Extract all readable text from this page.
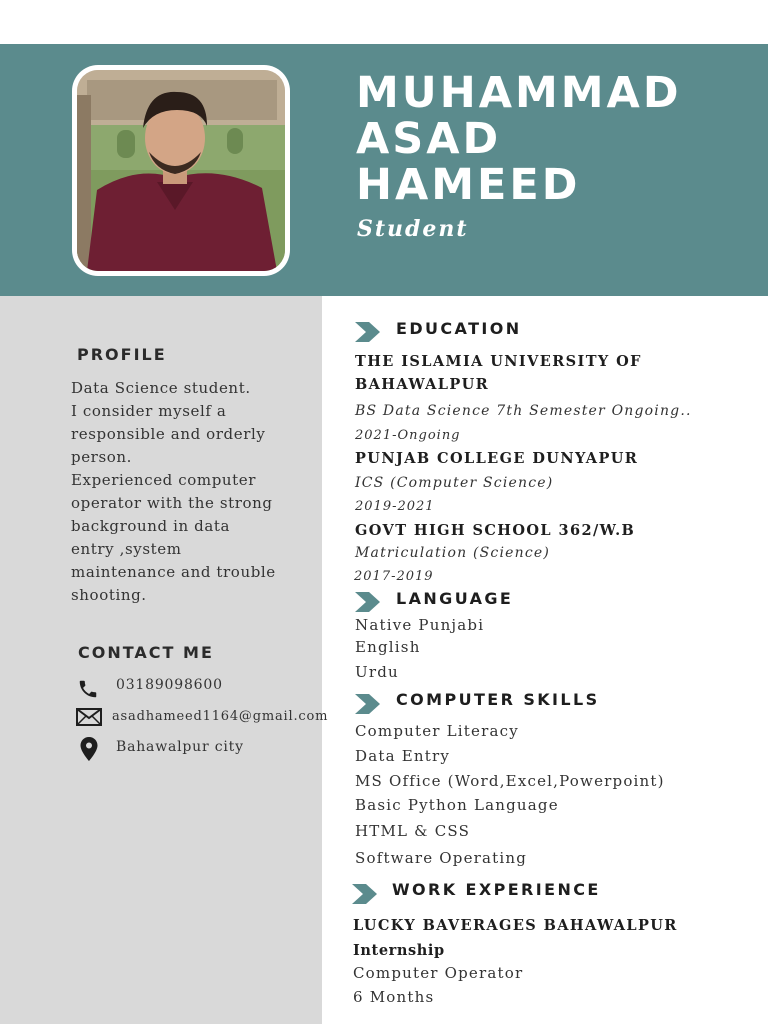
MUHAMMAD
ASAD
HAMEED
Student
PROFILE
Data Science student.
I consider myself a
responsible and orderly
person.
Experienced computer
operator with the strong
background in data
entry ,system
maintenance and trouble
shooting.
CONTACT ME
03189098600
asadhameed1164@gmail.com
Bahawalpur city
EDUCATION
THE ISLAMIA UNIVERSITY OF
BAHAWALPUR
BS Data Science 7th Semester Ongoing..
2021-Ongoing
PUNJAB COLLEGE DUNYAPUR
ICS (Computer Science)
2019-2021
GOVT HIGH SCHOOL 362/W.B
Matriculation (Science)
2017-2019
LANGUAGE
Native Punjabi
English
Urdu
COMPUTER SKILLS
Computer Literacy
Data Entry
MS Office (Word,Excel,Powerpoint)
Basic Python Language
HTML & CSS
Software Operating
WORK EXPERIENCE
LUCKY BAVERAGES BAHAWALPUR
Internship
Computer Operator
6 Months
